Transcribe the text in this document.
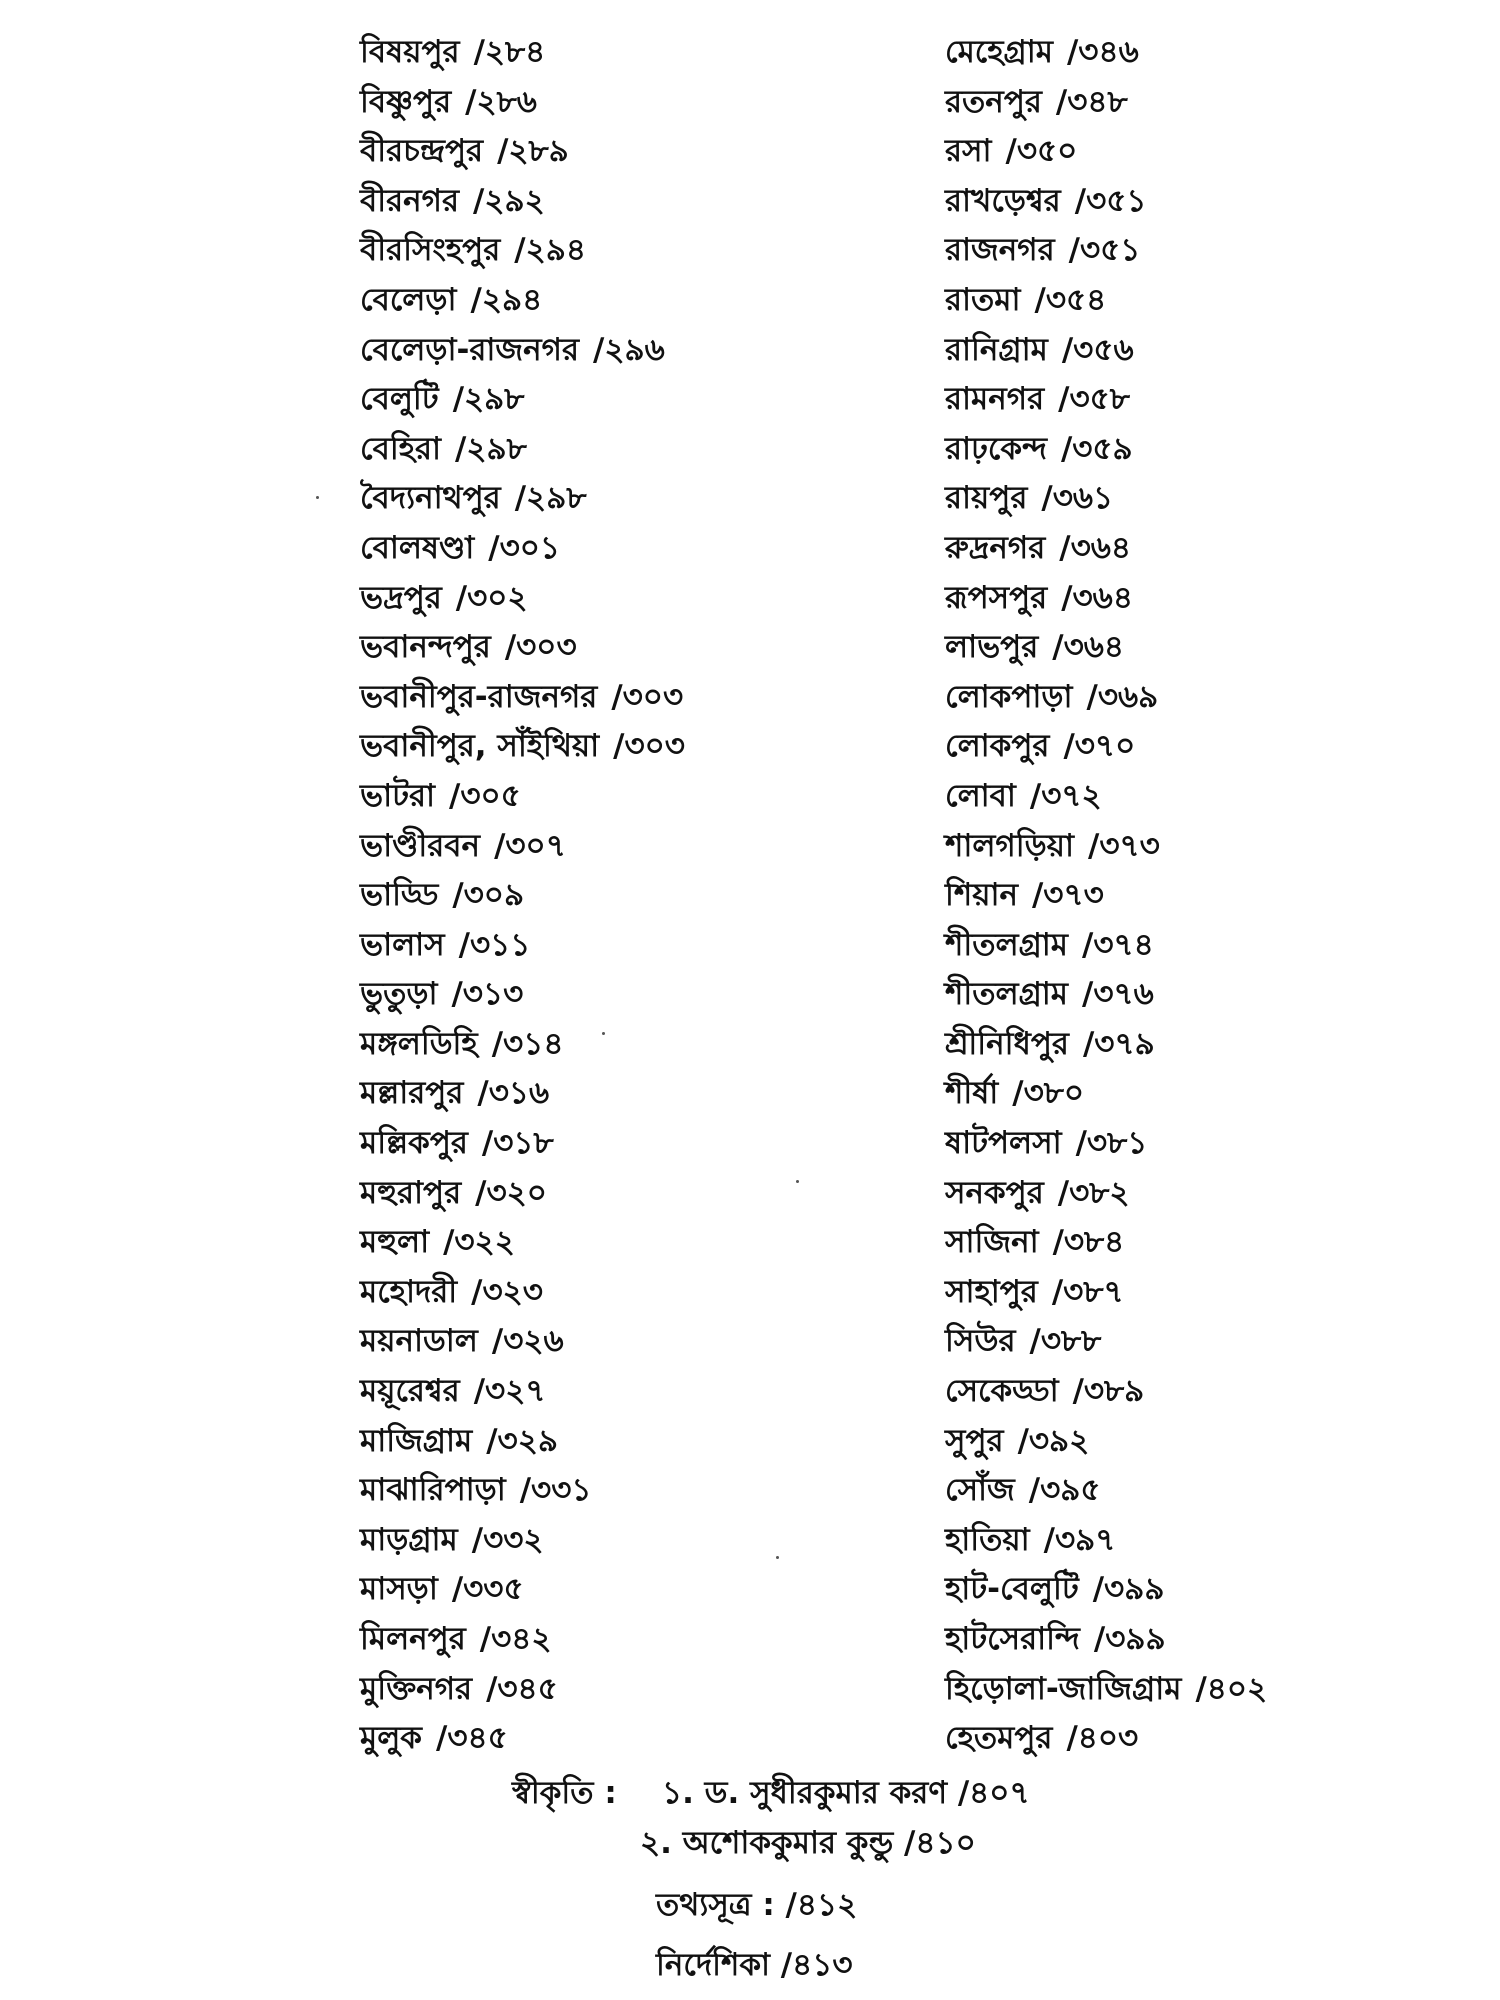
বিষয়পুর /২৮৪
বিষ্ণুপুর /২৮৬
বীরচন্দ্রপুর /২৮৯
বীরনগর /২৯২
বীরসিংহপুর /২৯৪
বেলেড়া /২৯৪
বেলেড়া-রাজনগর /২৯৬
বেলুটি /২৯৮
বেহিরা /২৯৮
বৈদ্যনাথপুর /২৯৮
বোলষণ্ডা /৩০১
ভদ্রপুর /৩০২
ভবানন্দপুর /৩০৩
ভবানীপুর-রাজনগর /৩০৩
ভবানীপুর, সাঁইথিয়া /৩০৩
ভাটরা /৩০৫
ভাণ্ডীরবন /৩০৭
ভাড্ডি /৩০৯
ভালাস /৩১১
ভুতুড়া /৩১৩
মঙ্গলডিহি /৩১৪
মল্লারপুর /৩১৬
মল্লিকপুর /৩১৮
মহুরাপুর /৩২০
মহুলা /৩২২
মহোদরী /৩২৩
ময়নাডাল /৩২৬
ময়ূরেশ্বর /৩২৭
মাজিগ্রাম /৩২৯
মাঝারিপাড়া /৩৩১
মাড়গ্রাম /৩৩২
মাসড়া /৩৩৫
মিলনপুর /৩৪২
মুক্তিনগর /৩৪৫
মুলুক /৩৪৫
মেহেগ্রাম /৩৪৬
রতনপুর /৩৪৮
রসা /৩৫০
রাখড়েশ্বর /৩৫১
রাজনগর /৩৫১
রাতমা /৩৫৪
রানিগ্রাম /৩৫৬
রামনগর /৩৫৮
রাঢ়কেন্দ /৩৫৯
রায়পুর /৩৬১
রুদ্রনগর /৩৬৪
রূপসপুর /৩৬৪
লাভপুর /৩৬৪
লোকপাড়া /৩৬৯
লোকপুর /৩৭০
লোবা /৩৭২
শালগড়িয়া /৩৭৩
শিয়ান /৩৭৩
শীতলগ্রাম /৩৭৪
শীতলগ্রাম /৩৭৬
শ্রীনিধিপুর /৩৭৯
শীর্ষা /৩৮০
ষাটপলসা /৩৮১
সনকপুর /৩৮২
সাজিনা /৩৮৪
সাহাপুর /৩৮৭
সিউর /৩৮৮
সেকেড্ডা /৩৮৯
সুপুর /৩৯২
সোঁজ /৩৯৫
হাতিয়া /৩৯৭
হাট-বেলুটি /৩৯৯
হাটসেরান্দি /৩৯৯
হিড়োলা-জাজিগ্রাম /৪০২
হেতমপুর /৪০৩
স্বীকৃতি : ১. ড. সুধীরকুমার করণ /৪০৭
২. অশোককুমার কুন্ডু /৪১০
তথ্যসূত্র : /৪১২
নির্দেশিকা /৪১৩
